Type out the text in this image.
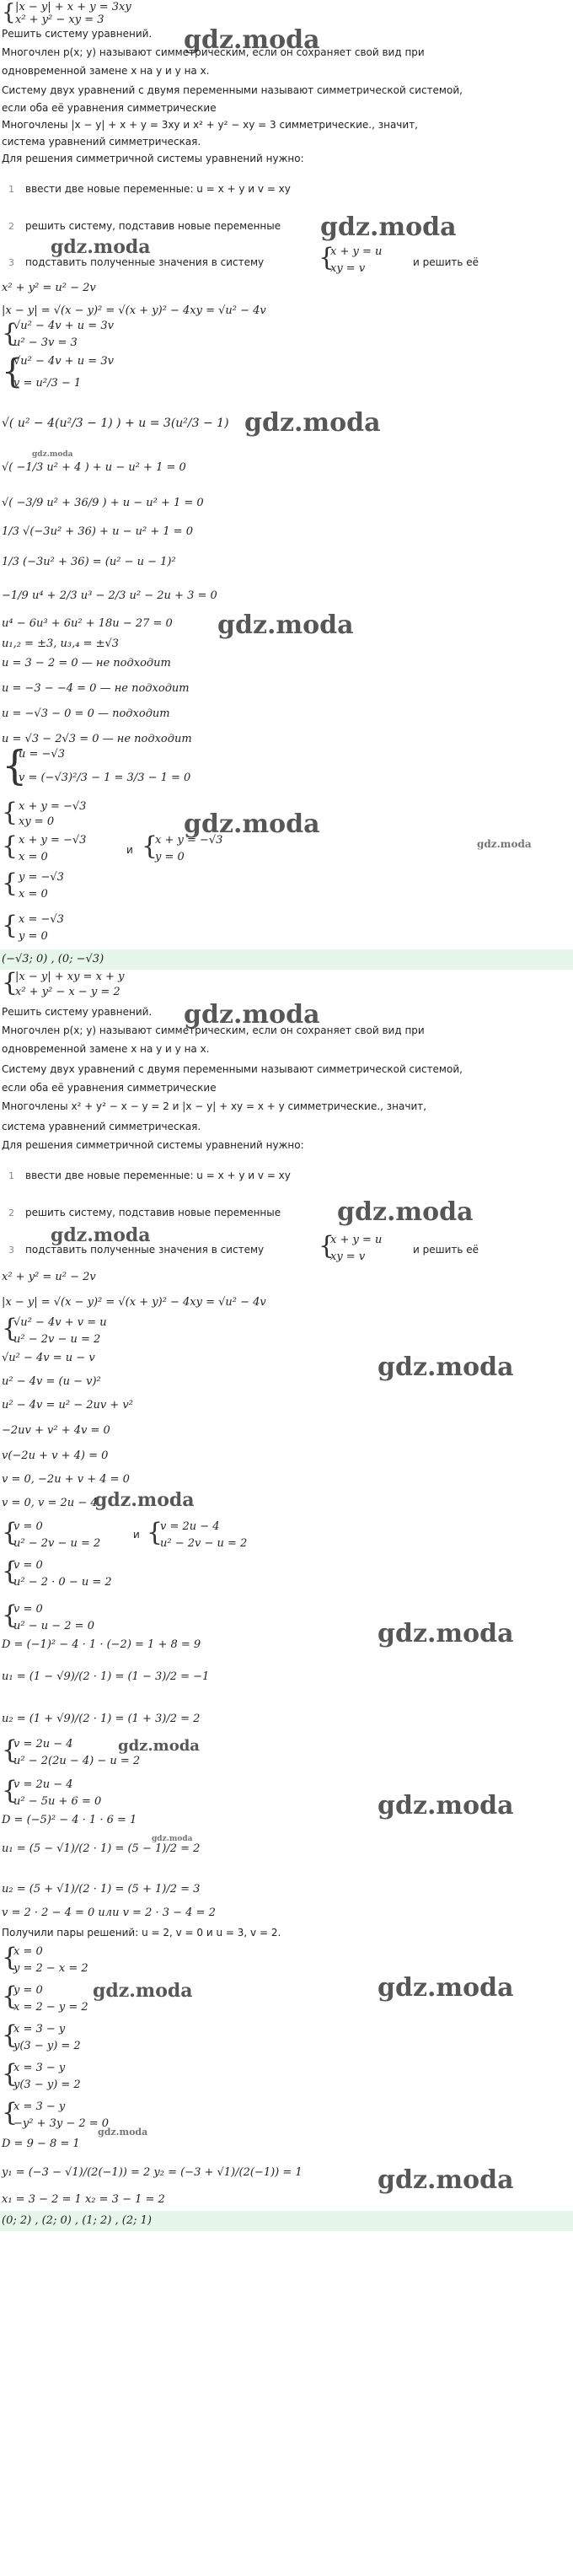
{ |x − y| + x + y = 3xy
x² + y² − xy = 3
Решить систему уравнений. gdz.moda
Многочлен p(x; y) называют симметрическим, если он сохраняет свой вид при
одновременной замене x на y и y на x.
Систему двух уравнений с двумя переменными называют симметрической системой,
если оба её уравнения симметрические
Многочлены |x − y| + x + y = 3xy и x² + y² − xy = 3 симметрические., значит,
система уравнений симметрическая.
Для решения симметричной системы уравнений нужно:
1 ввести две новые переменные: u = x + y и v = xy
2 решить систему, подставив новые переменные gdz.moda
gdz.moda
3 подставить полученные значения в систему {
x + y = u
xy = v	и решить её
x² + y² = u² − 2v
|x − y| = √(x − y)² = √(x + y)² − 4xy = √u² − 4v
{
√u² − 4v + u = 3v
u² − 3v = 3
{
√u² − 4v + u = 3v
v = u²/3 − 1
√( u² − 4(u²/3 − 1) ) + u = 3(u²/3 − 1) gdz.moda
gdz.moda
√( −1/3 u² + 4 ) + u − u² + 1 = 0
√( −3/9 u² + 36/9 ) + u − u² + 1 = 0
1/3 √(−3u² + 36) + u − u² + 1 = 0
1/3 (−3u² + 36) = (u² − u − 1)²
−1/9 u⁴ + 2/3 u³ − 2/3 u² − 2u + 3 = 0
u⁴ − 6u³ + 6u² + 18u − 27 = 0 gdz.moda
u₁,₂ = ±3, u₃,₄ = ±√3
u = 3 − 2 = 0 — не подходит
u = −3 − −4 = 0 — не подходит
u = −√3 − 0 = 0 — подходит
u = √3 − 2√3 = 0 — не подходит
{
u = −√3
v = (−√3)²/3 − 1 = 3/3 − 1 = 0
{ x + y = −√3
xy = 0	gdz.moda
gdz.moda
{ x + y = −√3
x = 0
и {
x + y = −√3
y = 0
{ y = −√3
x = 0
{ x = −√3
y = 0
(−√3; 0) , (0; −√3)
{
|x − y| + xy = x + y
x² + y² − x − y = 2
Решить систему уравнений. gdz.moda
Многочлен p(x; y) называют симметрическим, если он сохраняет свой вид при
одновременной замене x на y и y на x.
Систему двух уравнений с двумя переменными называют симметрической системой,
если оба её уравнения симметрические
Многочлены x² + y² − x − y = 2 и |x − y| + xy = x + y симметрические., значит,
система уравнений симметрическая.
Для решения симметричной системы уравнений нужно:
1 ввести две новые переменные: u = x + y и v = xy
2 решить систему, подставив новые переменные gdz.moda
gdz.moda
3 подставить полученные значения в систему {
x + y = u
xy = v
и решить её
x² + y² = u² − 2v
|x − y| = √(x − y)² = √(x + y)² − 4xy = √u² − 4v
{
√u² − 4v + v = u
u² − 2v − u = 2
√u² − 4v = u − v	gdz.moda
u² − 4v = (u − v)²
u² − 4v = u² − 2uv + v²
−2uv + v² + 4v = 0
v(−2u + v + 4) = 0
v = 0, −2u + v + 4 = 0
v = 0, v = 2u − 4
gdz.moda
{
v = 0
u² − 2v − u = 2
и {
v = 2u − 4
u² − 2v − u = 2
{
v = 0
u² − 2 · 0 − u = 2
{
v = 0
u² − u − 2 = 0	gdz.moda
D = (−1)² − 4 · 1 · (−2) = 1 + 8 = 9
u₁ = (1 − √9)/(2 · 1) = (1 − 3)/2 = −1
u₂ = (1 + √9)/(2 · 1) = (1 + 3)/2 = 2
{
v = 2u − 4
u² − 2(2u − 4) − u = 2
gdz.moda
{
v = 2u − 4
u² − 5u + 6 = 0	gdz.moda
D = (−5)² − 4 · 1 · 6 = 1
u₁ = (5 − √1)/(2 · 1) = (5 − 1)/2 = 2
gdz.moda
u₂ = (5 + √1)/(2 · 1) = (5 + 1)/2 = 3
v = 2 · 2 − 4 = 0 или v = 2 · 3 − 4 = 2
Получили пары решений: u = 2, v = 0 и u = 3, v = 2.
{
x = 0
y = 2 − x = 2
{
y = 0
x = 2 − y = 2
gdz.moda	gdz.moda
{
x = 3 − y
y(3 − y) = 2
{
x = 3 − y
y(3 − y) = 2
{
x = 3 − y
−y² + 3y − 2 = 0
gdz.moda
D = 9 − 8 = 1
y₁ = (−3 − √1)/(2(−1)) = 2 y₂ = (−3 + √1)/(2(−1)) = 1	gdz.moda
x₁ = 3 − 2 = 1 x₂ = 3 − 1 = 2
(0; 2) , (2; 0) , (1; 2) , (2; 1)
